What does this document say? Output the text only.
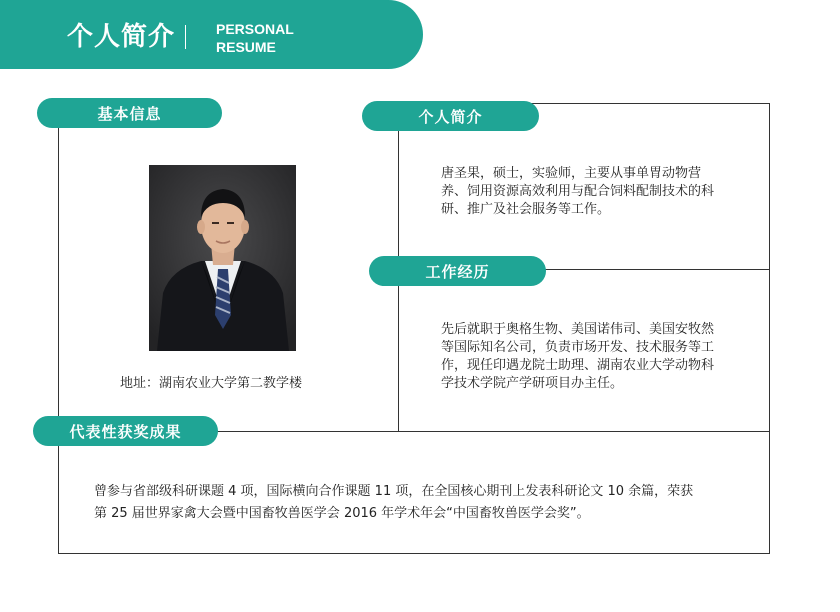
个人简介	PERSONAL
RESUME
基本信息	个人简介
工作经历
代表性获奖成果
地址：湖南农业大学第二教学楼
唐圣果，硕士，实验师，主要从事单胃动物营
养、饲用资源高效利用与配合饲料配制技术的科
研、推广及社会服务等工作。
先后就职于奥格生物、美国诺伟司、美国安牧然
等国际知名公司，负责市场开发、技术服务等工
作，现任印遇龙院士助理、湖南农业大学动物科
学技术学院产学研项目办主任。
曾参与省部级科研课题 4 项，国际横向合作课题 11 项，在全国核心期刊上发表科研论文 10 余篇，荣获
第 25 届世界家禽大会暨中国畜牧兽医学会 2016 年学术年会“中国畜牧兽医学会奖”。
